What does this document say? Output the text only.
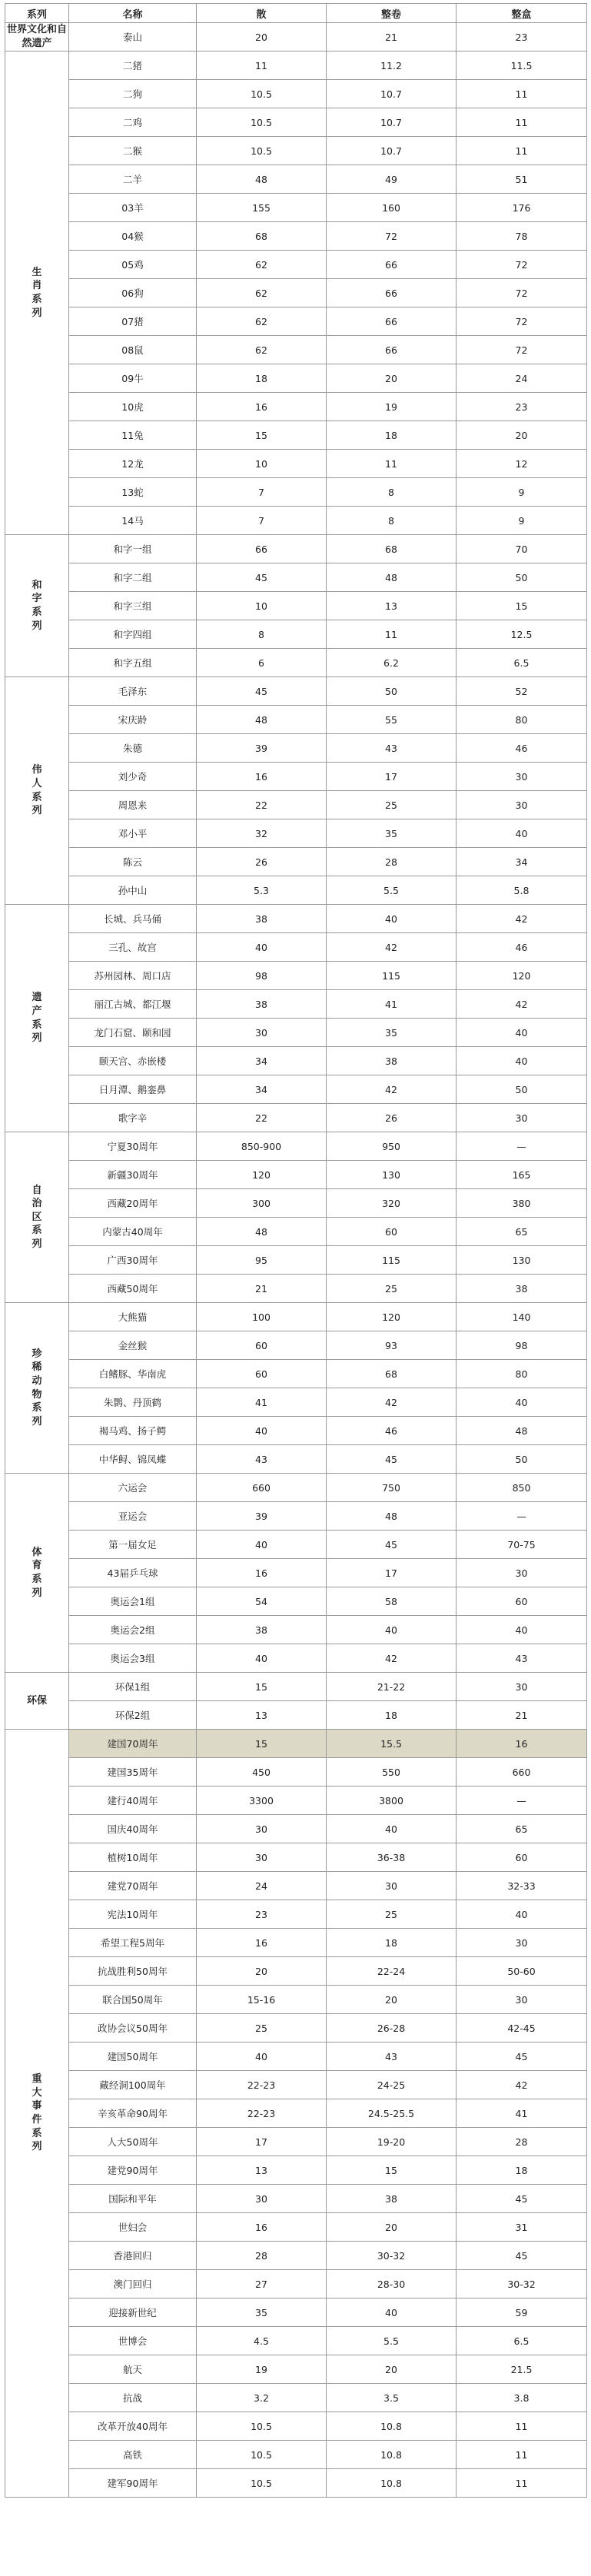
系列	名称	散	整卷	整盒
世界文化和自然遗产	泰山	20	21	23
生肖系列	二猪	11	11.2	11.5
	二狗	10.5	10.7	11
	二鸡	10.5	10.7	11
	二猴	10.5	10.7	11
	二羊	48	49	51
	03羊	155	160	176
	04猴	68	72	78
	05鸡	62	66	72
	06狗	62	66	72
	07猪	62	66	72
	08鼠	62	66	72
	09牛	18	20	24
	10虎	16	19	23
	11兔	15	18	20
	12龙	10	11	12
	13蛇	7	8	9
	14马	7	8	9
和字系列	和字一组	66	68	70
	和字二组	45	48	50
	和字三组	10	13	15
	和字四组	8	11	12.5
	和字五组	6	6.2	6.5
伟人系列	毛泽东	45	50	52
	宋庆龄	48	55	80
	朱德	39	43	46
	刘少奇	16	17	30
	周恩来	22	25	30
	邓小平	32	35	40
	陈云	26	28	34
	孙中山	5.3	5.5	5.8
遗产系列	长城、兵马俑	38	40	42
	三孔、故宫	40	42	46
	苏州园林、周口店	98	115	120
	丽江古城、都江堰	38	41	42
	龙门石窟、颐和园	30	35	40
	颐天宫、赤嵌楼	34	38	40
	日月潭、鹅銮鼻	34	42	50
	歌字辛	22	26	30
自治区系列	宁夏30周年	850-900	950	—
	新疆30周年	120	130	165
	西藏20周年	300	320	380
	内蒙古40周年	48	60	65
	广西30周年	95	115	130
	西藏50周年	21	25	38
珍稀动物系列	大熊猫	100	120	140
	金丝猴	60	93	98
	白鳍豚、华南虎	60	68	80
	朱鹮、丹顶鹤	41	42	40
	褐马鸡、扬子鳄	40	46	48
	中华鲟、锦凤蝶	43	45	50
体育系列	六运会	660	750	850
	亚运会	39	48	—
	第一届女足	40	45	70-75
	43届乒乓球	16	17	30
	奥运会1组	54	58	60
	奥运会2组	38	40	40
	奥运会3组	40	42	43
环保	环保1组	15	21-22	30
	环保2组	13	18	21
重大事件系列	建国70周年	15	15.5	16
	建国35周年	450	550	660
	建行40周年	3300	3800	—
	国庆40周年	30	40	65
	植树10周年	30	36-38	60
	建党70周年	24	30	32-33
	宪法10周年	23	25	40
	希望工程5周年	16	18	30
	抗战胜利50周年	20	22-24	50-60
	联合国50周年	15-16	20	30
	政协会议50周年	25	26-28	42-45
	建国50周年	40	43	45
	藏经洞100周年	22-23	24-25	42
	辛亥革命90周年	22-23	24.5-25.5	41
	人大50周年	17	19-20	28
	建党90周年	13	15	18
	国际和平年	30	38	45
	世妇会	16	20	31
	香港回归	28	30-32	45
	澳门回归	27	28-30	30-32
	迎接新世纪	35	40	59
	世博会	4.5	5.5	6.5
	航天	19	20	21.5
	抗战	3.2	3.5	3.8
	改革开放40周年	10.5	10.8	11
	高铁	10.5	10.8	11
	建军90周年	10.5	10.8	11
